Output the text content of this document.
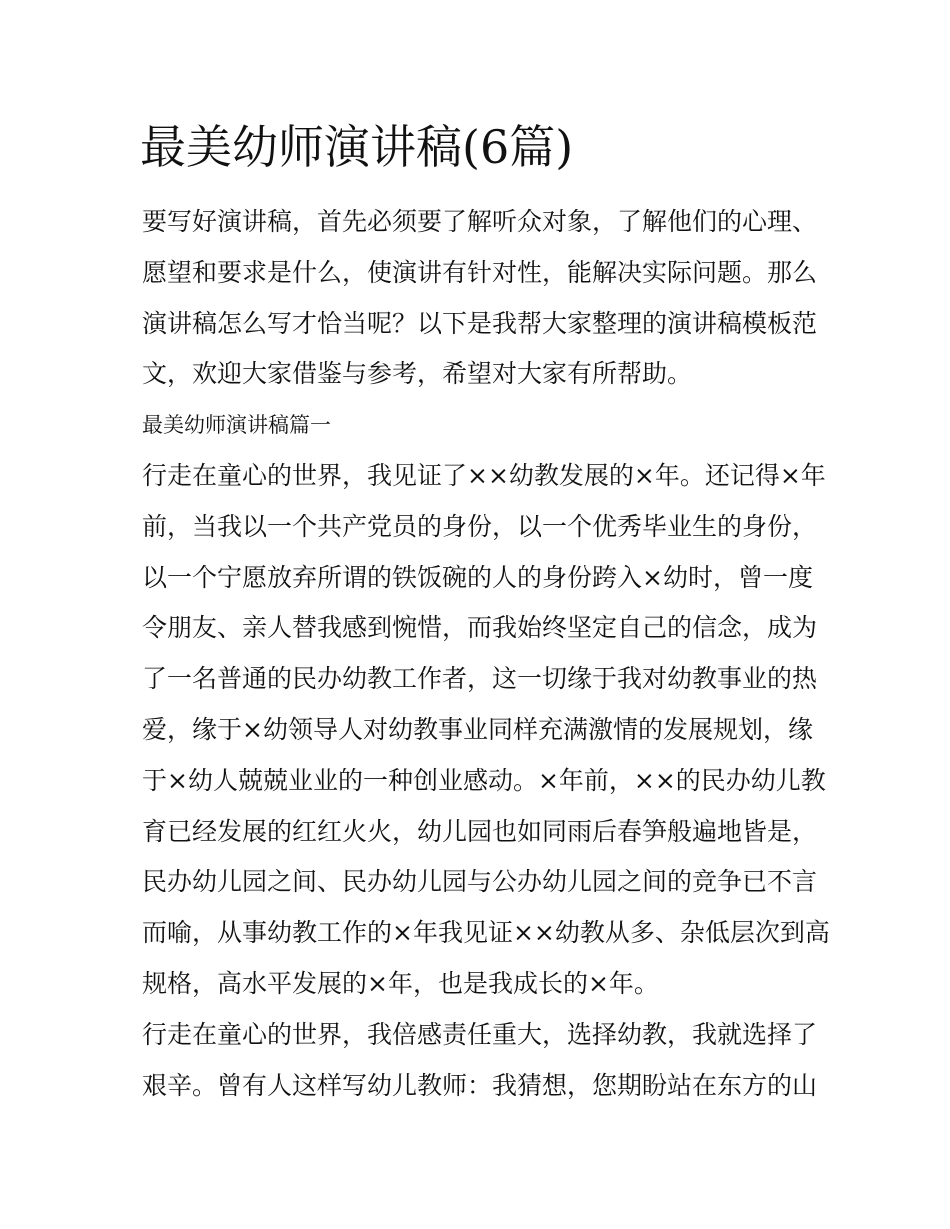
最美幼师演讲稿(6篇)
要写好演讲稿，首先必须要了解听众对象，了解他们的心理、
愿望和要求是什么，使演讲有针对性，能解决实际问题。那么
演讲稿怎么写才恰当呢？以下是我帮大家整理的演讲稿模板范
文，欢迎大家借鉴与参考，希望对大家有所帮助。
最美幼师演讲稿篇一
行走在童心的世界，我见证了××幼教发展的×年。还记得×年
前，当我以一个共产党员的身份，以一个优秀毕业生的身份，
以一个宁愿放弃所谓的铁饭碗的人的身份跨入×幼时，曾一度
令朋友、亲人替我感到惋惜，而我始终坚定自己的信念，成为
了一名普通的民办幼教工作者，这一切缘于我对幼教事业的热
爱，缘于×幼领导人对幼教事业同样充满激情的发展规划，缘
于×幼人兢兢业业的一种创业感动。×年前，××的民办幼儿教
育已经发展的红红火火，幼儿园也如同雨后春笋般遍地皆是，
民办幼儿园之间、民办幼儿园与公办幼儿园之间的竞争已不言
而喻，从事幼教工作的×年我见证××幼教从多、杂低层次到高
规格，高水平发展的×年，也是我成长的×年。
行走在童心的世界，我倍感责任重大，选择幼教，我就选择了
艰辛。曾有人这样写幼儿教师：我猜想，您期盼站在东方的山
